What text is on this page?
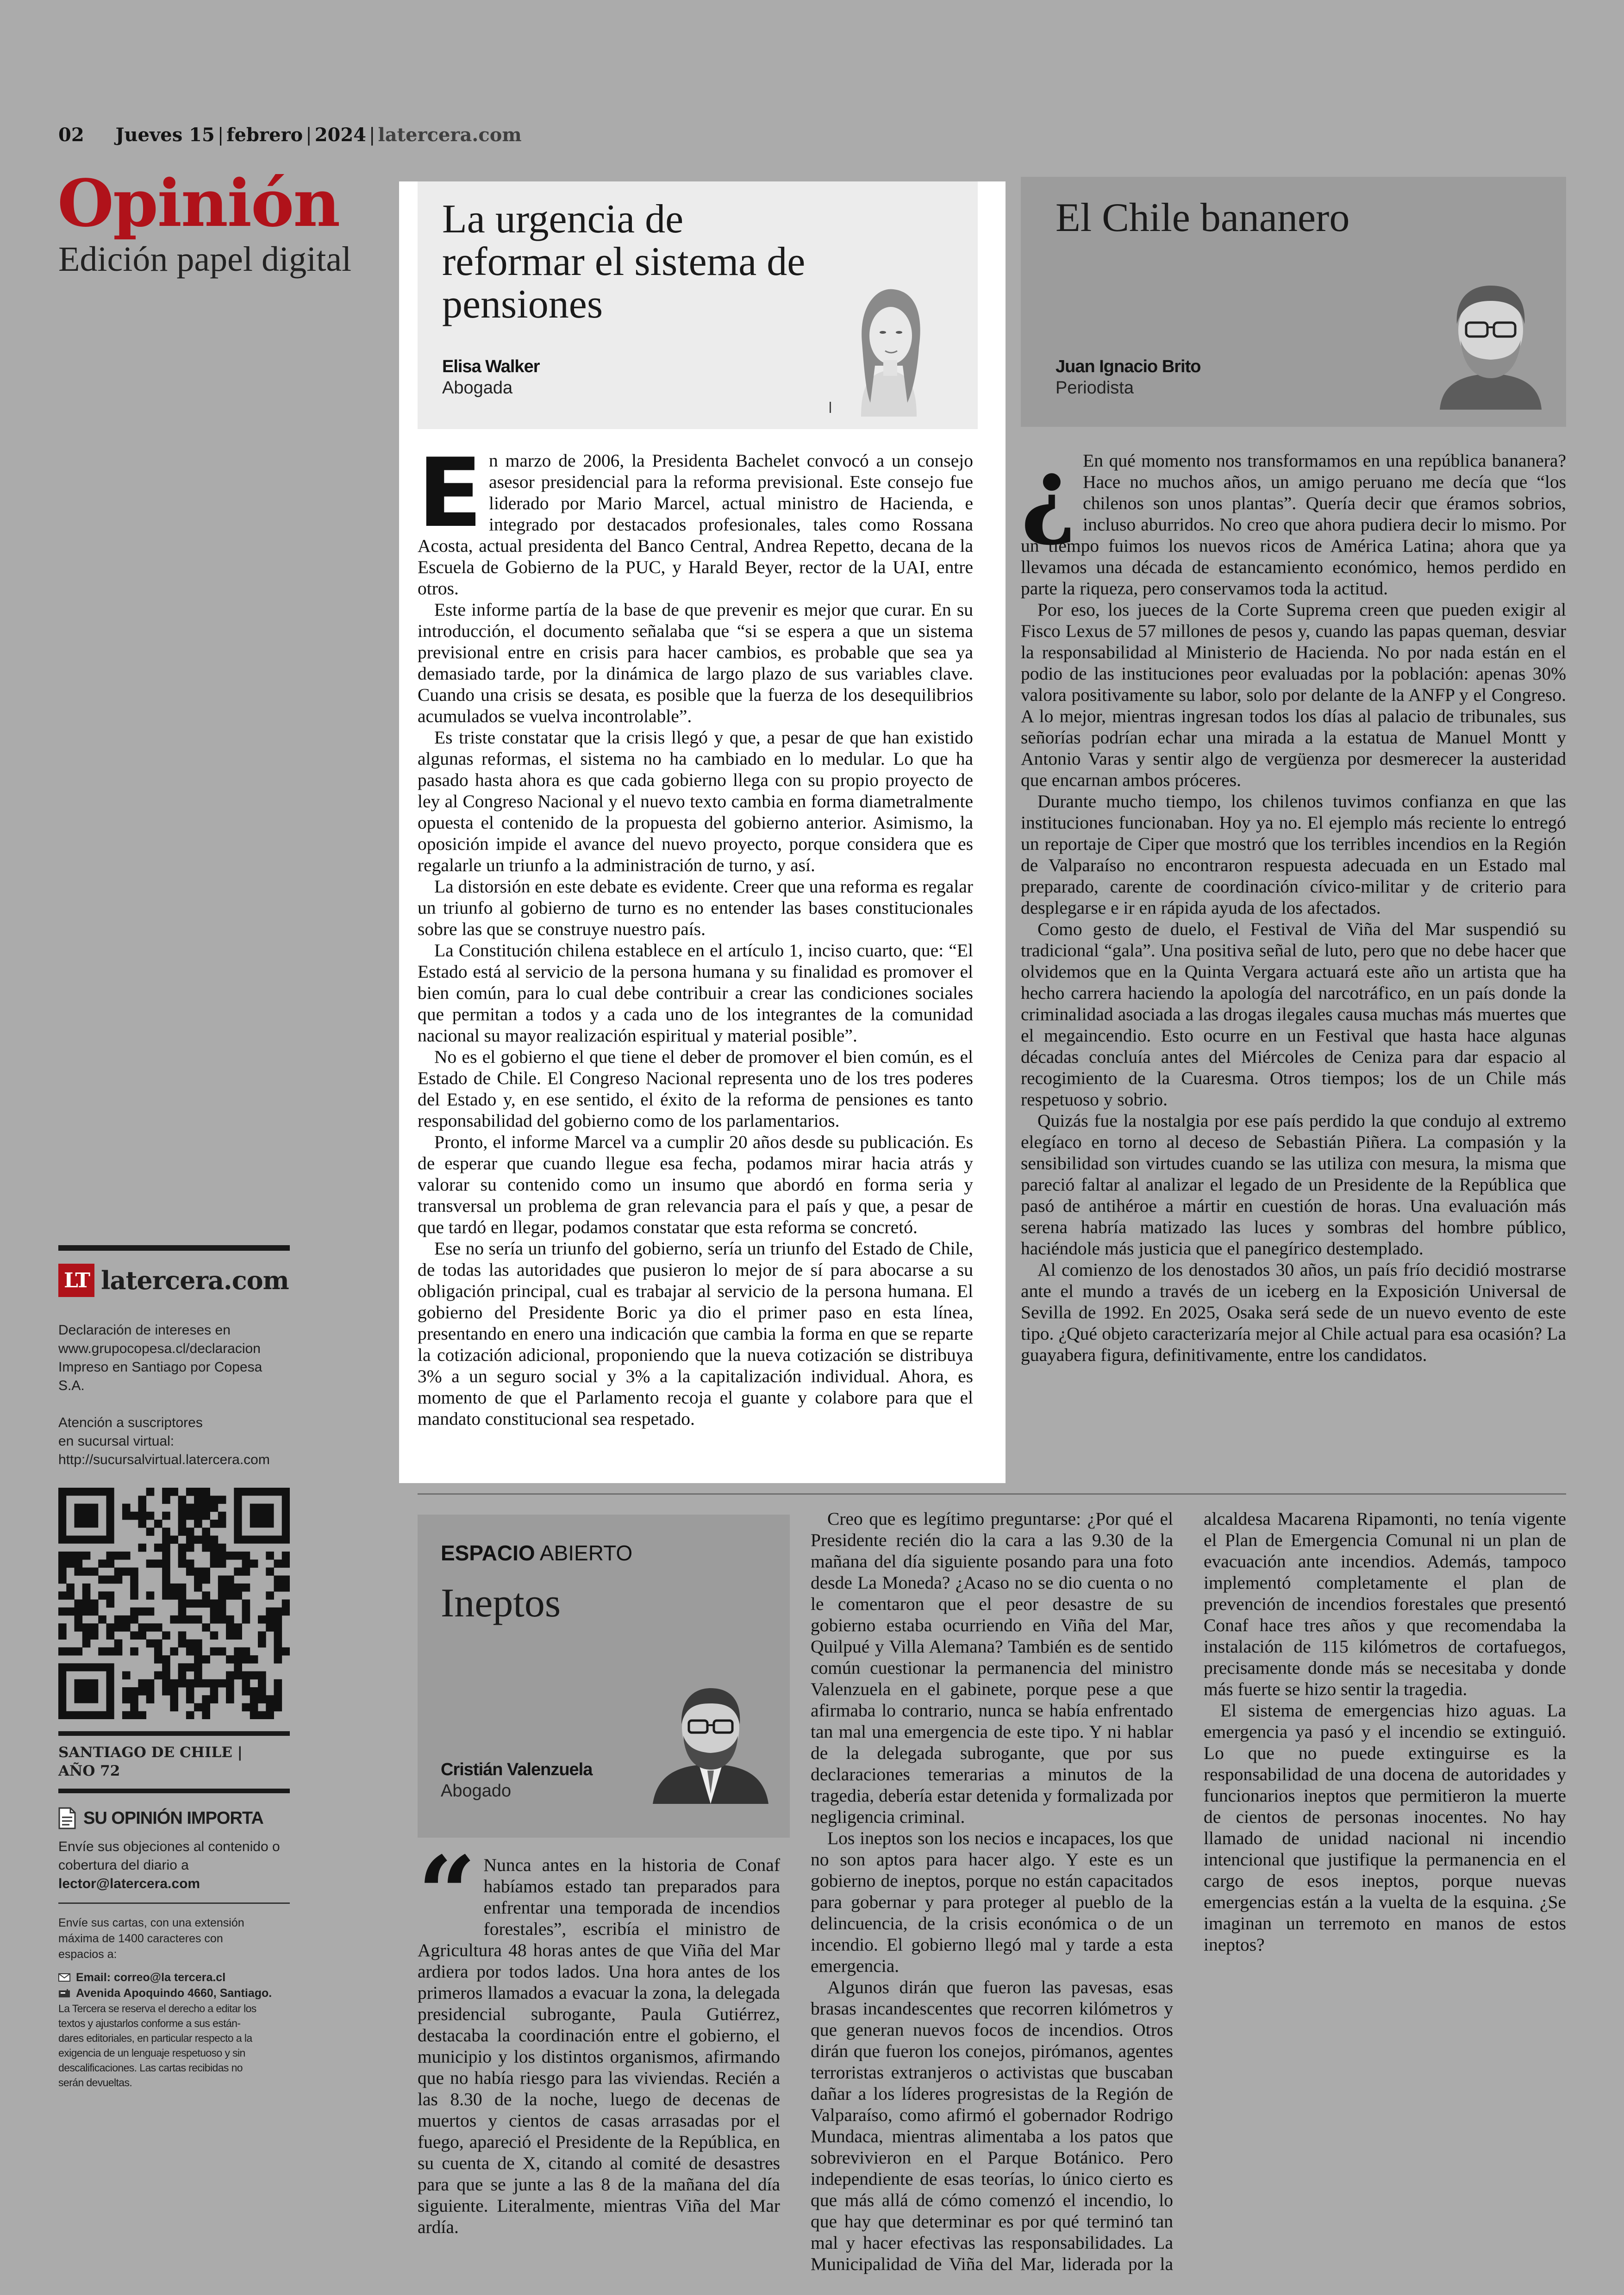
02 Jueves 15 | febrero | 2024 | latercera.com
Opinión
Edición papel digital
La urgencia de
reformar el sistema de
pensiones
Elisa Walker
Abogada

En marzo de 2006, la Presidenta Bachelet convocó a un consejo asesor presidencial para la reforma previsional. Este consejo fue liderado por Mario Marcel, actual ministro de Hacienda, e integrado por destacados profesionales, tales como Rossana Acosta, actual presidenta del Banco Central, Andrea Repetto, decana de la Escuela de Gobierno de la PUC, y Harald Beyer, rector de la UAI, entre otros.

Este informe partía de la base de que prevenir es mejor que curar. En su introducción, el documento señalaba que “si se espera a que un sistema previsional entre en crisis para hacer cambios, es probable que sea ya demasiado tarde, por la dinámica de largo plazo de sus variables clave. Cuando una crisis se desata, es posible que la fuerza de los desequilibrios acumulados se vuelva incontrolable”.

Es triste constatar que la crisis llegó y que, a pesar de que han existido algunas reformas, el sistema no ha cambiado en lo medular. Lo que ha pasado hasta ahora es que cada gobierno llega con su propio proyecto de ley al Congreso Nacional y el nuevo texto cambia en forma diametralmente opuesta el contenido de la propuesta del gobierno anterior. Asimismo, la oposición impide el avance del nuevo proyecto, porque considera que es regalarle un triunfo a la administración de turno, y así.

La distorsión en este debate es evidente. Creer que una reforma es regalar un triunfo al gobierno de turno es no entender las bases constitucionales sobre las que se construye nuestro país.

La Constitución chilena establece en el artículo 1, inciso cuarto, que: “El Estado está al servicio de la persona humana y su finalidad es promover el bien común, para lo cual debe contribuir a crear las condiciones sociales que permitan a todos y a cada uno de los integrantes de la comunidad nacional su mayor realización espiritual y material posible”.

No es el gobierno el que tiene el deber de promover el bien común, es el Estado de Chile. El Congreso Nacional representa uno de los tres poderes del Estado y, en ese sentido, el éxito de la reforma de pensiones es tanto responsabilidad del gobierno como de los parlamentarios.

Pronto, el informe Marcel va a cumplir 20 años desde su publicación. Es de esperar que cuando llegue esa fecha, podamos mirar hacia atrás y valorar su contenido como un insumo que abordó en forma seria y transversal un problema de gran relevancia para el país y que, a pesar de que tardó en llegar, podamos constatar que esta reforma se concretó.

Ese no sería un triunfo del gobierno, sería un triunfo del Estado de Chile, de todas las autoridades que pusieron lo mejor de sí para abocarse a su obligación principal, cual es trabajar al servicio de la persona humana. El gobierno del Presidente Boric ya dio el primer paso en esta línea, presentando en enero una indicación que cambia la forma en que se reparte la cotización adicional, proponiendo que la nueva cotización se distribuya 3% a un seguro social y 3% a la capitalización individual. Ahora, es momento de que el Parlamento recoja el guante y colabore para que el mandato constitucional sea respetado.

El Chile bananero
Juan Ignacio Brito
Periodista

¿ En qué momento nos transformamos en una república bananera? Hace no muchos años, un amigo peruano me decía que “los chilenos son unos plantas”. Quería decir que éramos sobrios, incluso aburridos. No creo que ahora pudiera decir lo mismo. Por un tiempo fuimos los nuevos ricos de América Latina; ahora que ya llevamos una década de estancamiento económico, hemos perdido en parte la riqueza, pero conservamos toda la actitud.

Por eso, los jueces de la Corte Suprema creen que pueden exigir al Fisco Lexus de 57 millones de pesos y, cuando las papas queman, desviar la responsabilidad al Ministerio de Hacienda. No por nada están en el podio de las instituciones peor evaluadas por la población: apenas 30% valora positivamente su labor, solo por delante de la ANFP y el Congreso. A lo mejor, mientras ingresan todos los días al palacio de tribunales, sus señorías podrían echar una mirada a la estatua de Manuel Montt y Antonio Varas y sentir algo de vergüenza por desmerecer la austeridad que encarnan ambos próceres.

Durante mucho tiempo, los chilenos tuvimos confianza en que las instituciones funcionaban. Hoy ya no. El ejemplo más reciente lo entregó un reportaje de Ciper que mostró que los terribles incendios en la Región de Valparaíso no encontraron respuesta adecuada en un Estado mal preparado, carente de coordinación cívico-militar y de criterio para desplegarse e ir en rápida ayuda de los afectados.

Como gesto de duelo, el Festival de Viña del Mar suspendió su tradicional “gala”. Una positiva señal de luto, pero que no debe hacer que olvidemos que en la Quinta Vergara actuará este año un artista que ha hecho carrera haciendo la apología del narcotráfico, en un país donde la criminalidad asociada a las drogas ilegales causa muchas más muertes que el megaincendio. Esto ocurre en un Festival que hasta hace algunas décadas concluía antes del Miércoles de Ceniza para dar espacio al recogimiento de la Cuaresma. Otros tiempos; los de un Chile más respetuoso y sobrio.

Quizás fue la nostalgia por ese país perdido la que condujo al extremo elegíaco en torno al deceso de Sebastián Piñera. La compasión y la sensibilidad son virtudes cuando se las utiliza con mesura, la misma que pareció faltar al analizar el legado de un Presidente de la República que pasó de antihéroe a mártir en cuestión de horas. Una evaluación más serena habría matizado las luces y sombras del hombre público, haciéndole más justicia que el panegírico destemplado.

Al comienzo de los denostados 30 años, un país frío decidió mostrarse ante el mundo a través de un iceberg en la Exposición Universal de Sevilla de 1992. En 2025, Osaka será sede de un nuevo evento de este tipo. ¿Qué objeto caracterizaría mejor al Chile actual para esa ocasión? La guayabera figura, definitivamente, entre los candidatos.

ESPACIO ABIERTO
Ineptos
Cristián Valenzuela
Abogado

“ Nunca antes en la historia de Conaf habíamos estado tan preparados para enfrentar una temporada de incendios forestales”, escribía el ministro de Agricultura 48 horas antes de que Viña del Mar ardiera por todos lados. Una hora antes de los primeros llamados a evacuar la zona, la delegada presidencial subrogante, Paula Gutiérrez, destacaba la coordinación entre el gobierno, el municipio y los distintos organismos, afirmando que no había riesgo para las viviendas. Recién a las 8.30 de la noche, luego de decenas de muertos y cientos de casas arrasadas por el fuego, apareció el Presidente de la República, en su cuenta de X, citando al comité de desastres para que se junte a las 8 de la mañana del día siguiente. Literalmente, mientras Viña del Mar ardía.

Creo que es legítimo preguntarse: ¿Por qué el Presidente recién dio la cara a las 9.30 de la mañana del día siguiente posando para una foto desde La Moneda? ¿Acaso no se dio cuenta o no le comentaron que el peor desastre de su gobierno estaba ocurriendo en Viña del Mar, Quilpué y Villa Alemana? También es de sentido común cuestionar la permanencia del ministro Valenzuela en el gabinete, porque pese a que afirmaba lo contrario, nunca se había enfrentado tan mal una emergencia de este tipo. Y ni hablar de la delegada subrogante, que por sus declaraciones temerarias a minutos de la tragedia, debería estar detenida y formalizada por negligencia criminal.

Los ineptos son los necios e incapaces, los que no son aptos para hacer algo. Y este es un gobierno de ineptos, porque no están capacitados para gobernar y para proteger al pueblo de la delincuencia, de la crisis económica o de un incendio. El gobierno llegó mal y tarde a esta emergencia.

Algunos dirán que fueron las pavesas, esas brasas incandescentes que recorren kilómetros y que generan nuevos focos de incendios. Otros dirán que fueron los conejos, pirómanos, agentes terroristas extranjeros o activistas que buscaban dañar a los líderes progresistas de la Región de Valparaíso, como afirmó el gobernador Rodrigo Mundaca, mientras alimentaba a los patos que sobrevivieron en el Parque Botánico. Pero independiente de esas teorías, lo único cierto es que más allá de cómo comenzó el incendio, lo que hay que determinar es por qué terminó tan mal y hacer efectivas las responsabilidades. La Municipalidad de Viña del Mar, liderada por la alcaldesa Macarena Ripamonti, no tenía vigente el Plan de Emergencia Comunal ni un plan de evacuación ante incendios. Además, tampoco implementó completamente el plan de prevención de incendios forestales que presentó Conaf hace tres años y que recomendaba la instalación de 115 kilómetros de cortafuegos, precisamente donde más se necesitaba y donde más fuerte se hizo sentir la tragedia.

El sistema de emergencias hizo aguas. La emergencia ya pasó y el incendio se extinguió. Lo que no puede extinguirse es la responsabilidad de una docena de autoridades y funcionarios ineptos que permitieron la muerte de cientos de personas inocentes. No hay llamado de unidad nacional ni incendio intencional que justifique la permanencia en el cargo de esos ineptos, porque nuevas emergencias están a la vuelta de la esquina. ¿Se imaginan un terremoto en manos de estos ineptos?

LT latercera.com
Declaración de intereses en
www.grupocopesa.cl/declaracion
Impreso en Santiago por Copesa S.A.
Atención a suscriptores
en sucursal virtual:
http://sucursalvirtual.latercera.com
SANTIAGO DE CHILE |
AÑO 72
SU OPINIÓN IMPORTA
Envíe sus objeciones al contenido o
cobertura del diario a
lector@latercera.com
Envíe sus cartas, con una extensión
máxima de 1400 caracteres con
espacios a:
Email: correo@la tercera.cl
Avenida Apoquindo 4660, Santiago.
La Tercera se reserva el derecho a editar los
textos y ajustarlos conforme a sus están-
dares editoriales, en particular respecto a la
exigencia de un lenguaje respetuoso y sin
descalificaciones. Las cartas recibidas no
serán devueltas.
